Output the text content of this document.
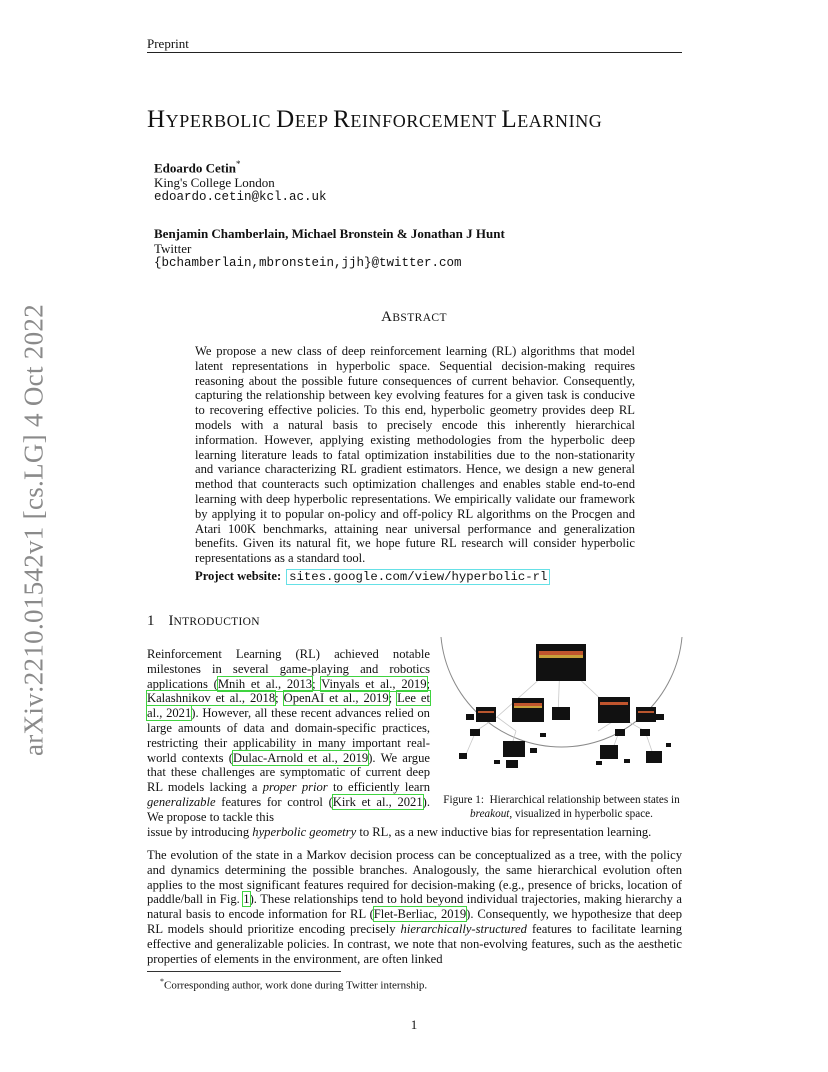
Preprint
arXiv:2210.01542v1 [cs.LG] 4 Oct 2022
HYPERBOLIC DEEP REINFORCEMENT LEARNING
Edoardo Cetin*
King's College London
edoardo.cetin@kcl.ac.uk
Benjamin Chamberlain, Michael Bronstein & Jonathan J Hunt
Twitter
{bchamberlain,mbronstein,jjh}@twitter.com
ABSTRACT
We propose a new class of deep reinforcement learning (RL) algorithms that model latent representations in hyperbolic space. Sequential decision-making requires reasoning about the possible future consequences of current behavior. Consequently, capturing the relationship between key evolving features for a given task is conducive to recovering effective policies. To this end, hyperbolic geometry provides deep RL models with a natural basis to precisely encode this inherently hierarchical information. However, applying existing methodologies from the hyperbolic deep learning literature leads to fatal optimization instabilities due to the non-stationarity and variance characterizing RL gradient estimators. Hence, we design a new general method that counteracts such optimization challenges and enables stable end-to-end learning with deep hyperbolic representations. We empirically validate our framework by applying it to popular on-policy and off-policy RL algorithms on the Procgen and Atari 100K benchmarks, attaining near universal performance and generalization benefits. Given its natural fit, we hope future RL research will consider hyperbolic representations as a standard tool.
Project website: sites.google.com/view/hyperbolic-rl
1 INTRODUCTION
Reinforcement Learning (RL) achieved notable milestones in several game-playing and robotics applications (Mnih et al., 2013; Vinyals et al., 2019; Kalashnikov et al., 2018; OpenAI et al., 2019; Lee et al., 2021). However, all these recent advances relied on large amounts of data and domain-specific practices, restricting their applicability in many important real-world contexts (Dulac-Arnold et al., 2019). We argue that these challenges are symptomatic of current deep RL models lacking a proper prior to efficiently learn generalizable features for control (Kirk et al., 2021). We propose to tackle this
Figure 1: Hierarchical relationship between states in breakout, visualized in hyperbolic space.
issue by introducing hyperbolic geometry to RL, as a new inductive bias for representation learning.
The evolution of the state in a Markov decision process can be conceptualized as a tree, with the policy and dynamics determining the possible branches. Analogously, the same hierarchical evolution often applies to the most significant features required for decision-making (e.g., presence of bricks, location of paddle/ball in Fig. 1). These relationships tend to hold beyond individual trajectories, making hierarchy a natural basis to encode information for RL (Flet-Berliac, 2019). Consequently, we hypothesize that deep RL models should prioritize encoding precisely hierarchically-structured features to facilitate learning effective and generalizable policies. In contrast, we note that non-evolving features, such as the aesthetic properties of elements in the environment, are often linked
*Corresponding author, work done during Twitter internship.
1
